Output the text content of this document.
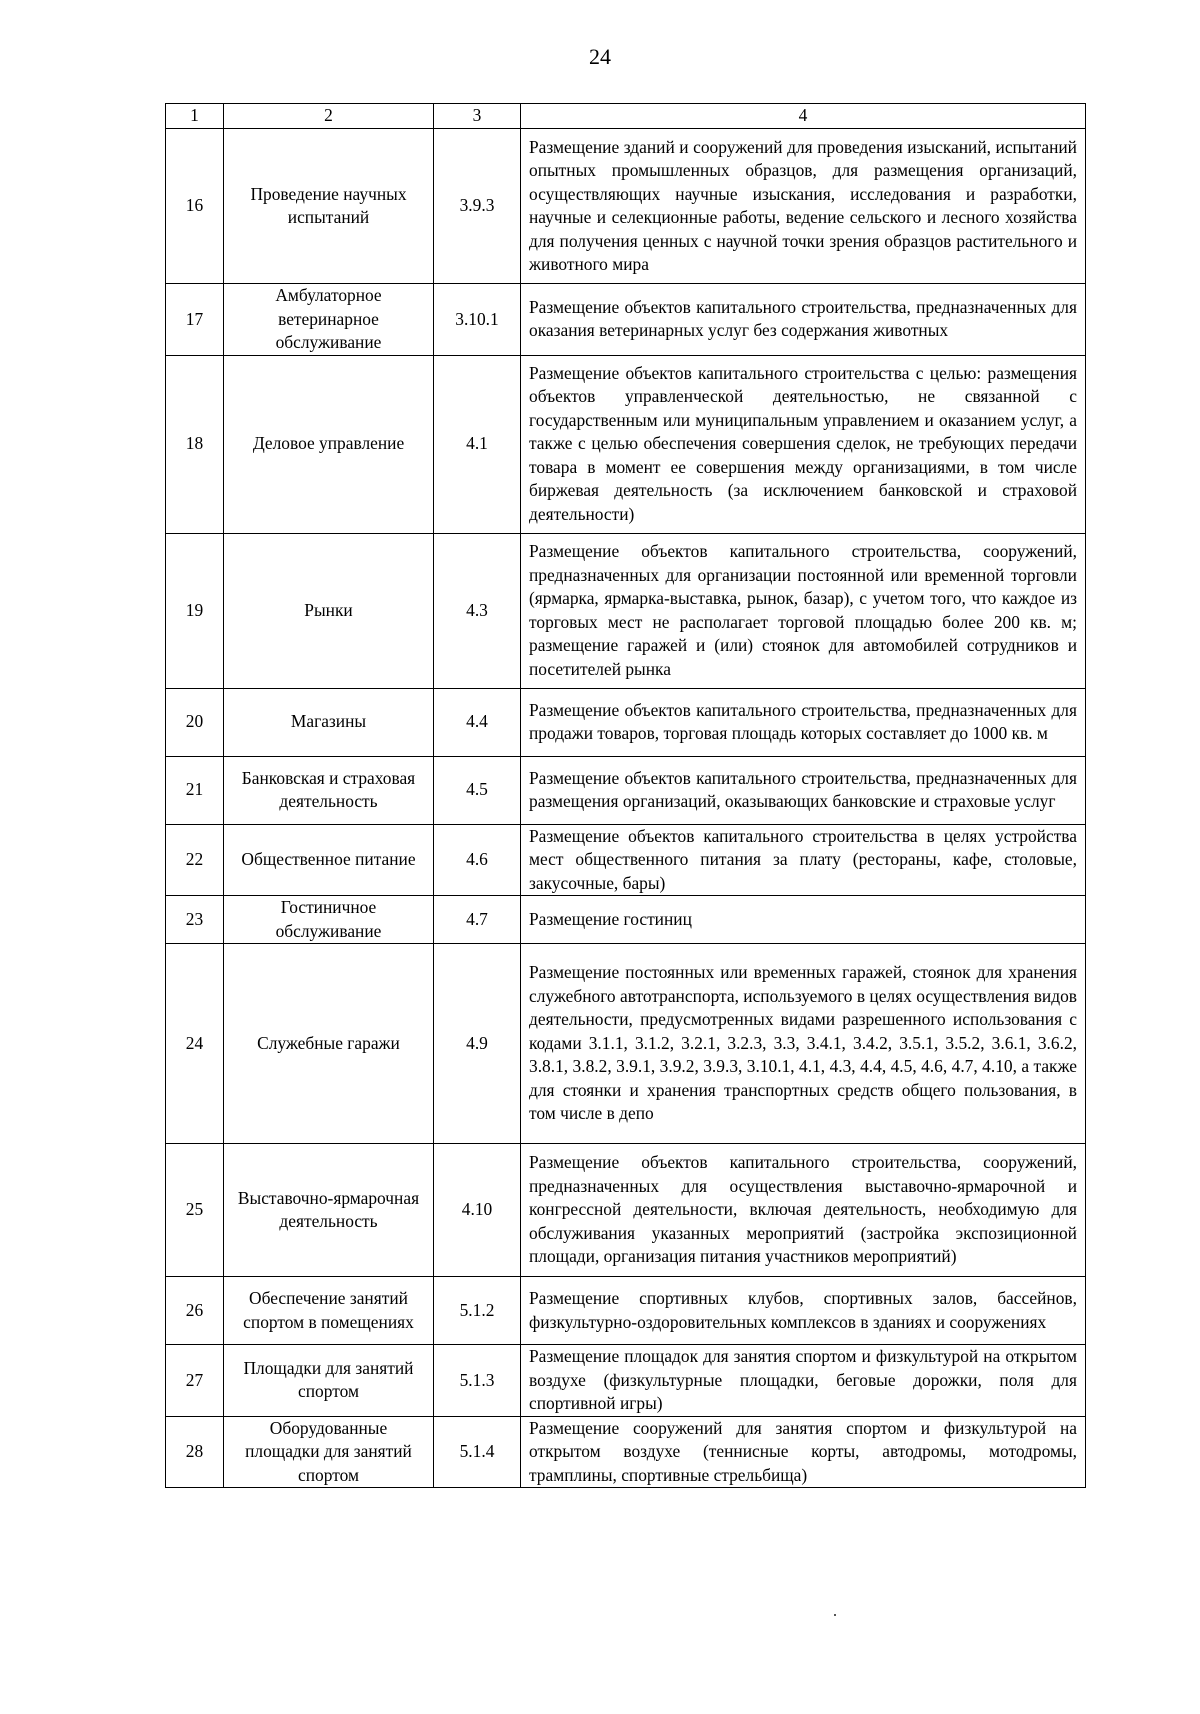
24
1	2	3	4
16	Проведение научных испытаний	3.9.3	Размещение зданий и сооружений для проведения изысканий, испытаний опытных промышленных образцов, для размещения организаций, осуществляющих научные изыскания, исследования и разработки, научные и селекционные работы, ведение сельского и лесного хозяйства для получения ценных с научной точки зрения образцов растительного и животного мира
17	Амбулаторное ветеринарное обслуживание	3.10.1	Размещение объектов капитального строительства, предназначенных для оказания ветеринарных услуг без содержания животных
18	Деловое управление	4.1	Размещение объектов капитального строительства с целью: размещения объектов управленческой деятельностью, не связанной с государственным или муниципальным управлением и оказанием услуг, а также с целью обеспечения совершения сделок, не требующих передачи товара в момент ее совершения между организациями, в том числе биржевая деятельность (за исключением банковской и страховой деятельности)
19	Рынки	4.3	Размещение объектов капитального строительства, сооружений, предназначенных для организации постоянной или временной торговли (ярмарка, ярмарка-выставка, рынок, базар), с учетом того, что каждое из торговых мест не располагает торговой площадью более 200 кв. м; размещение гаражей и (или) стоянок для автомобилей сотрудников и посетителей рынка
20	Магазины	4.4	Размещение объектов капитального строительства, предназначенных для продажи товаров, торговая площадь которых составляет до 1000 кв. м
21	Банковская и страховая деятельность	4.5	Размещение объектов капитального строительства, предназначенных для размещения организаций, оказывающих банковские и страховые услуг
22	Общественное питание	4.6	Размещение объектов капитального строительства в целях устройства мест общественного питания за плату (рестораны, кафе, столовые, закусочные, бары)
23	Гостиничное обслуживание	4.7	Размещение гостиниц
24	Служебные гаражи	4.9	Размещение постоянных или временных гаражей, стоянок для хранения служебного автотранспорта, используемого в целях осуществления видов деятельности, предусмотренных видами разрешенного использования с кодами 3.1.1, 3.1.2, 3.2.1, 3.2.3, 3.3, 3.4.1, 3.4.2, 3.5.1, 3.5.2, 3.6.1, 3.6.2, 3.8.1, 3.8.2, 3.9.1, 3.9.2, 3.9.3, 3.10.1, 4.1, 4.3, 4.4, 4.5, 4.6, 4.7, 4.10, а также для стоянки и хранения транспортных средств общего пользования, в том числе в депо
25	Выставочно-ярмарочная деятельность	4.10	Размещение объектов капитального строительства, сооружений, предназначенных для осуществления выставочно-ярмарочной и конгрессной деятельности, включая деятельность, необходимую для обслуживания указанных мероприятий (застройка экспозиционной площади, организация питания участников мероприятий)
26	Обеспечение занятий спортом в помещениях	5.1.2	Размещение спортивных клубов, спортивных залов, бассейнов, физкультурно-оздоровительных комплексов в зданиях и сооружениях
27	Площадки для занятий спортом	5.1.3	Размещение площадок для занятия спортом и физкультурой на открытом воздухе (физкультурные площадки, беговые дорожки, поля для спортивной игры)
28	Оборудованные площадки для занятий спортом	5.1.4	Размещение сооружений для занятия спортом и физкультурой на открытом воздухе (теннисные корты, автодромы, мотодромы, трамплины, спортивные стрельбища)
